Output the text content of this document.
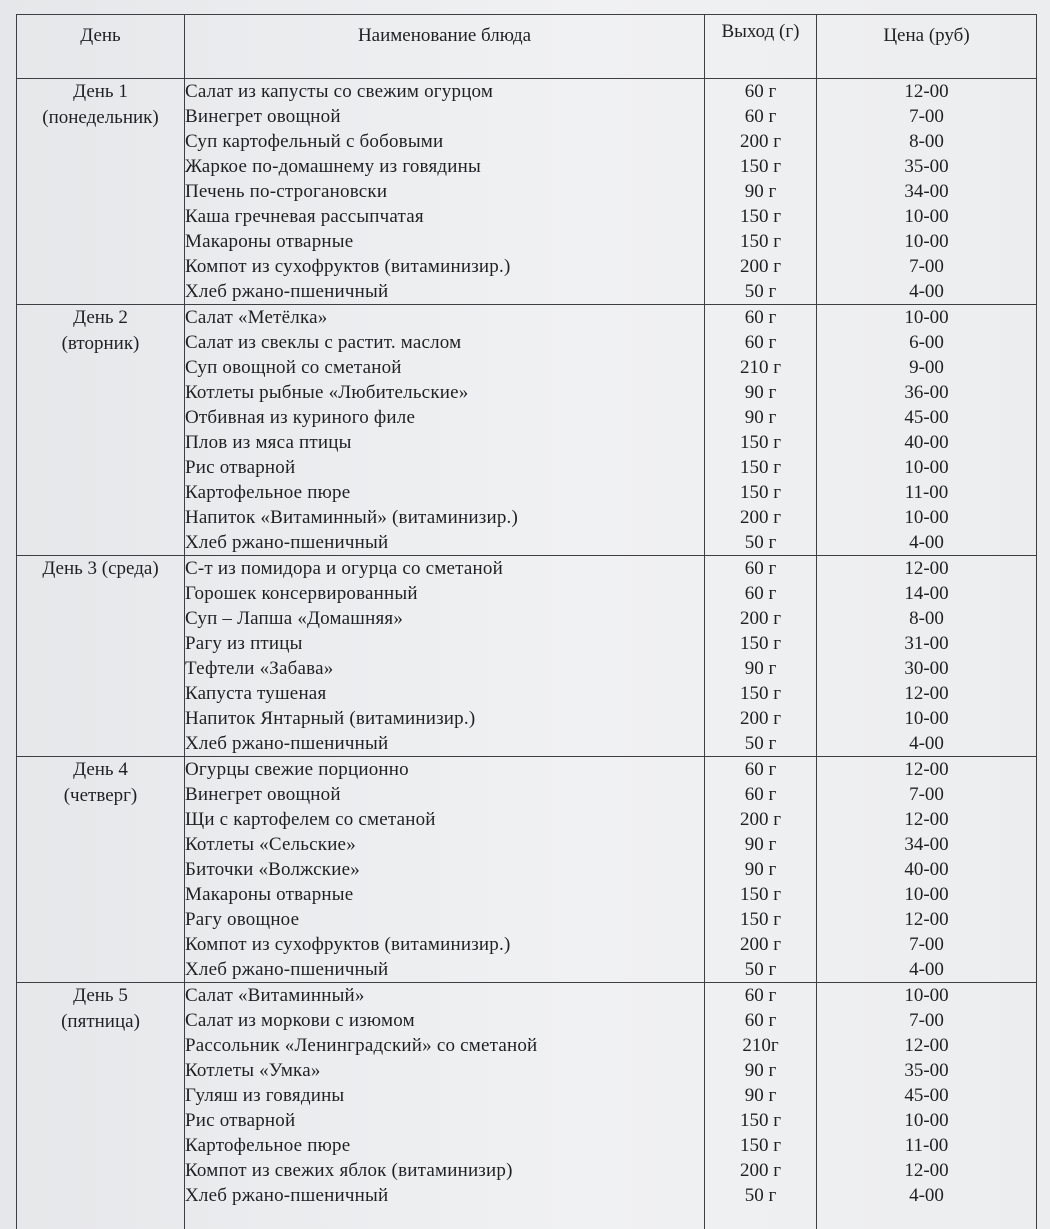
День	Наименование блюда	Выход (г)	Цена (руб)

День 1
(понедельник)	Салат из капусты со свежим огурцом	60 г	12-00
	Винегрет овощной	60 г	7-00
	Суп картофельный с бобовыми	200 г	8-00
	Жаркое по-домашнему из говядины	150 г	35-00
	Печень по-строгановски	90 г	34-00
	Каша гречневая рассыпчатая	150 г	10-00
	Макароны отварные	150 г	10-00
	Компот из сухофруктов (витаминизир.)	200 г	7-00
	Хлеб ржано-пшеничный	50 г	4-00

День 2
(вторник)	Салат «Метёлка»	60 г	10-00
	Салат из свеклы с растит. маслом	60 г	6-00
	Суп овощной со сметаной	210 г	9-00
	Котлеты рыбные «Любительские»	90 г	36-00
	Отбивная из куриного филе	90 г	45-00
	Плов из мяса птицы	150 г	40-00
	Рис отварной	150 г	10-00
	Картофельное пюре	150 г	11-00
	Напиток «Витаминный» (витаминизир.)	200 г	10-00
	Хлеб ржано-пшеничный	50 г	4-00

День 3 (среда)	С-т из помидора и огурца со сметаной	60 г	12-00
	Горошек консервированный	60 г	14-00
	Суп – Лапша «Домашняя»	200 г	8-00
	Рагу из птицы	150 г	31-00
	Тефтели «Забава»	90 г	30-00
	Капуста тушеная	150 г	12-00
	Напиток Янтарный (витаминизир.)	200 г	10-00
	Хлеб ржано-пшеничный	50 г	4-00

День 4
(четверг)	Огурцы свежие порционно	60 г	12-00
	Винегрет овощной	60 г	7-00
	Щи с картофелем со сметаной	200 г	12-00
	Котлеты «Сельские»	90 г	34-00
	Биточки «Волжские»	90 г	40-00
	Макароны отварные	150 г	10-00
	Рагу овощное	150 г	12-00
	Компот из сухофруктов (витаминизир.)	200 г	7-00
	Хлеб ржано-пшеничный	50 г	4-00

День 5
(пятница)	Салат «Витаминный»	60 г	10-00
	Салат из моркови с изюмом	60 г	7-00
	Рассольник «Ленинградский» со сметаной	210г	12-00
	Котлеты «Умка»	90 г	35-00
	Гуляш из говядины	90 г	45-00
	Рис отварной	150 г	10-00
	Картофельное пюре	150 г	11-00
	Компот из свежих яблок (витаминизир)	200 г	12-00
	Хлеб ржано-пшеничный	50 г	4-00
